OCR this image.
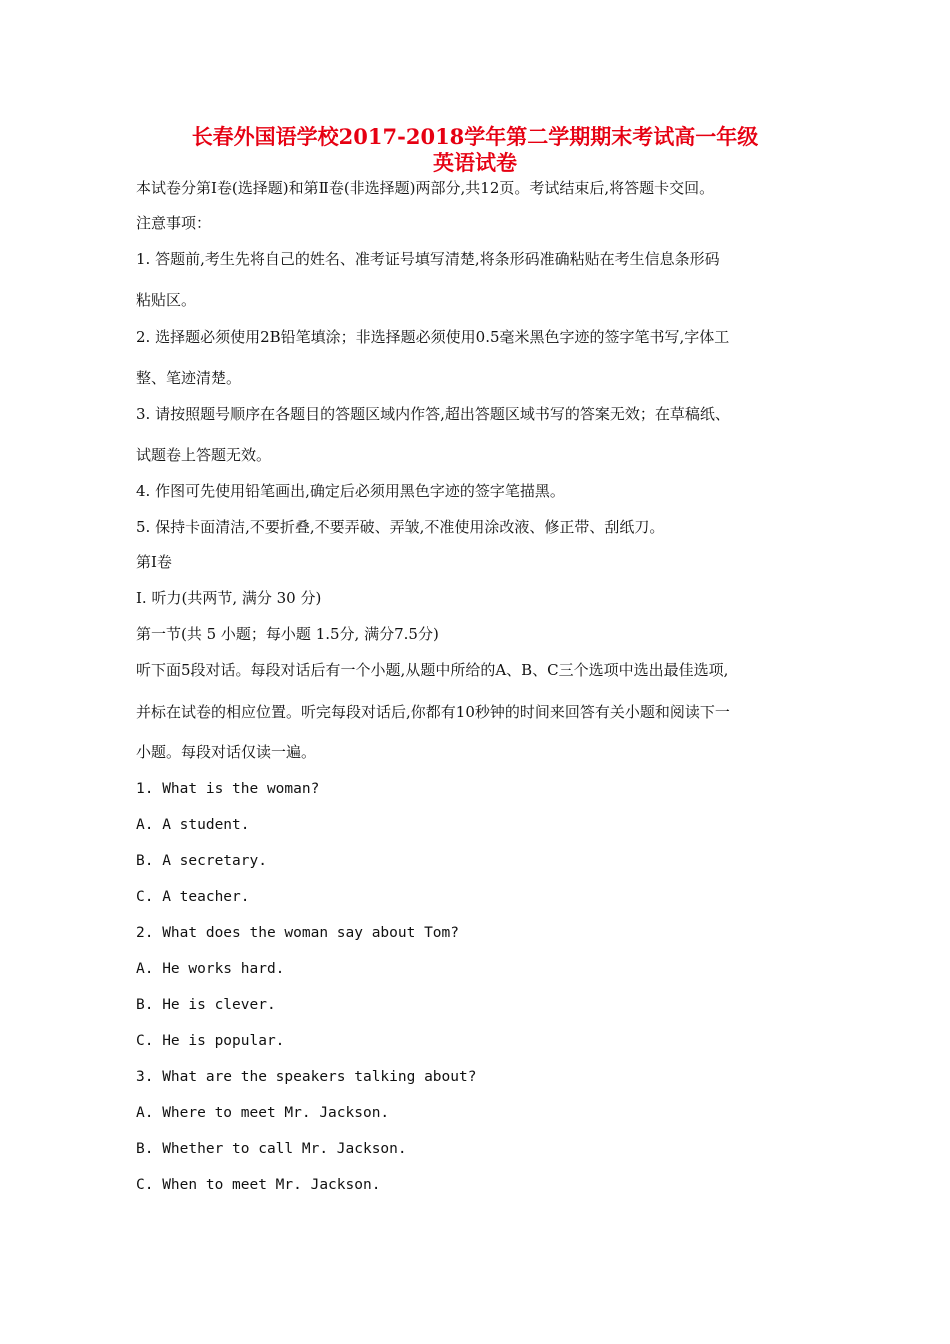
长春外国语学校2017-2018学年第二学期期末考试高一年级
英语试卷
本试卷分第Ⅰ卷(选择题)和第Ⅱ卷(非选择题)两部分,共12页。考试结束后,将答题卡交回。
注意事项：
1. 答题前,考生先将自己的姓名、准考证号填写清楚,将条形码准确粘贴在考生信息条形码
粘贴区。
2. 选择题必须使用2B铅笔填涂；非选择题必须使用0.5毫米黑色字迹的签字笔书写,字体工
整、笔迹清楚。
3. 请按照题号顺序在各题目的答题区域内作答,超出答题区域书写的答案无效；在草稿纸、
试题卷上答题无效。
4. 作图可先使用铅笔画出,确定后必须用黑色字迹的签字笔描黑。
5. 保持卡面清洁,不要折叠,不要弄破、弄皱,不准使用涂改液、修正带、刮纸刀。
第Ⅰ卷
I. 听力(共两节, 满分 30 分)
第一节(共 5 小题；每小题 1.5分, 满分7.5分)
听下面5段对话。每段对话后有一个小题,从题中所给的A、B、C三个选项中选出最佳选项,
并标在试卷的相应位置。听完每段对话后,你都有10秒钟的时间来回答有关小题和阅读下一
小题。每段对话仅读一遍。
1. What is the woman?
A. A student.
B. A secretary.
C. A teacher.
2. What does the woman say about Tom?
A. He works hard.
B. He is clever.
C. He is popular.
3. What are the speakers talking about?
A. Where to meet Mr. Jackson.
B. Whether to call Mr. Jackson.
C. When to meet Mr. Jackson.
